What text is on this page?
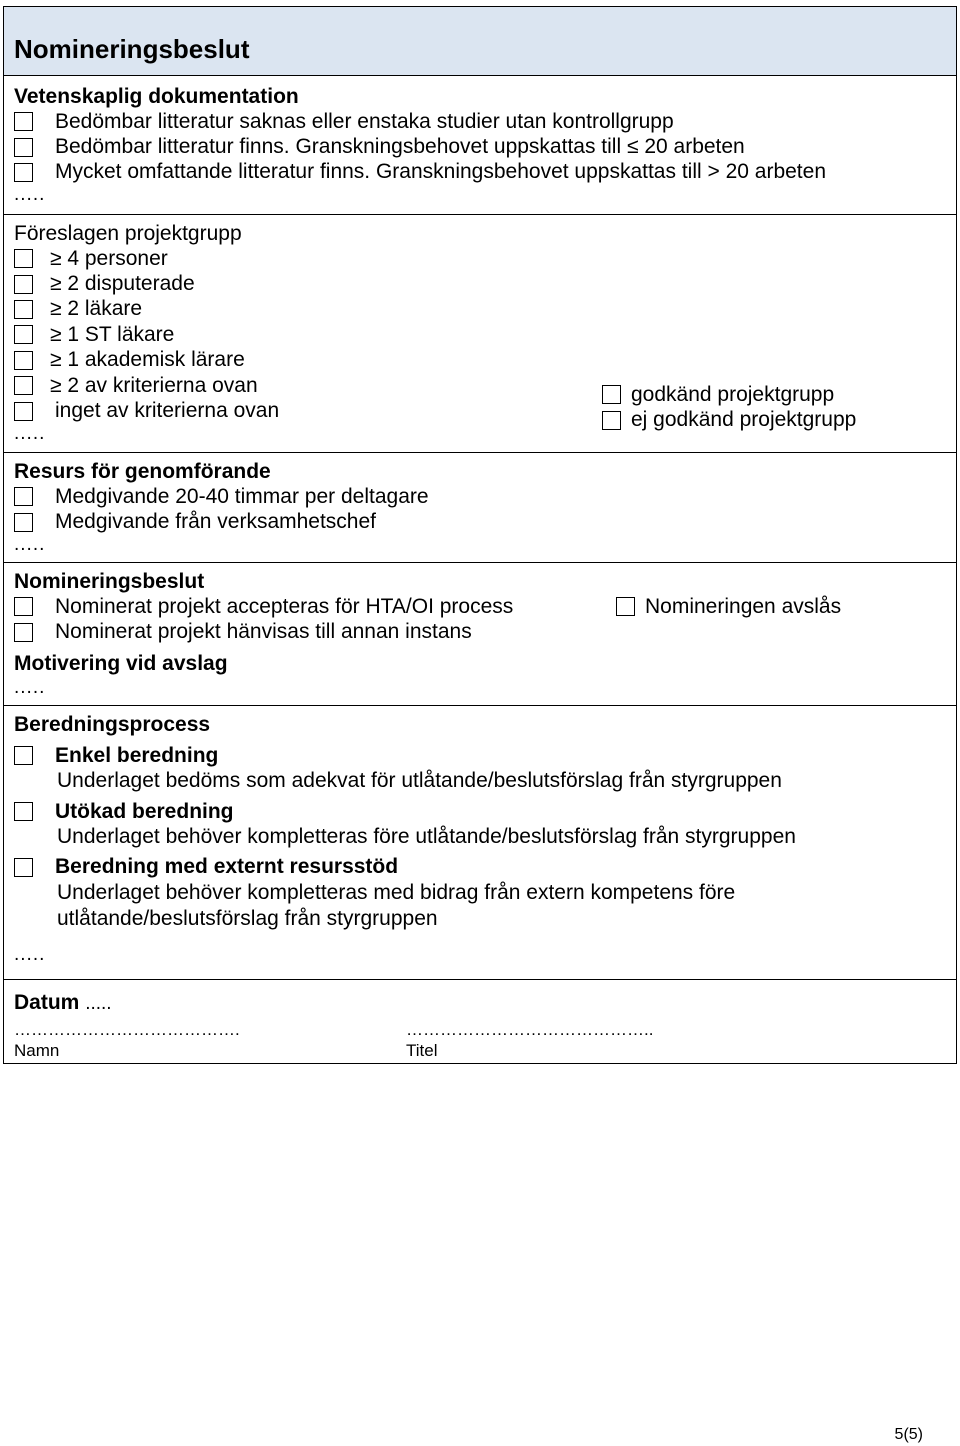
Nomineringsbeslut
Vetenskaplig dokumentation
Bedömbar litteratur saknas eller enstaka studier utan kontrollgrupp
Bedömbar litteratur finns. Granskningsbehovet uppskattas till ≤ 20 arbeten
Mycket omfattande litteratur finns. Granskningsbehovet uppskattas till > 20 arbeten
.....
Föreslagen projektgrupp
≥ 4 personer
≥ 2 disputerade
≥ 2 läkare
≥ 1 ST läkare
≥ 1 akademisk lärare
≥ 2 av kriterierna ovan
inget av kriterierna ovan
.....
godkänd projektgrupp
ej godkänd projektgrupp
Resurs för genomförande
Medgivande 20-40 timmar per deltagare
Medgivande från verksamhetschef
.....
Nomineringsbeslut
Nominerat projekt accepteras för HTA/OI process
Nominerat projekt hänvisas till annan instans
Motivering vid avslag
.....
Nomineringen avslås
Beredningsprocess
Enkel beredning
Underlaget bedöms som adekvat för utlåtande/beslutsförslag från styrgruppen
Utökad beredning
Underlaget behöver kompletteras före utlåtande/beslutsförslag från styrgruppen
Beredning med externt resursstöd
Underlaget behöver kompletteras med bidrag från extern kompetens före
utlåtande/beslutsförslag från styrgruppen
.....
Datum .....
………………………………….
Namn
……………………………………..
Titel
5(5)
